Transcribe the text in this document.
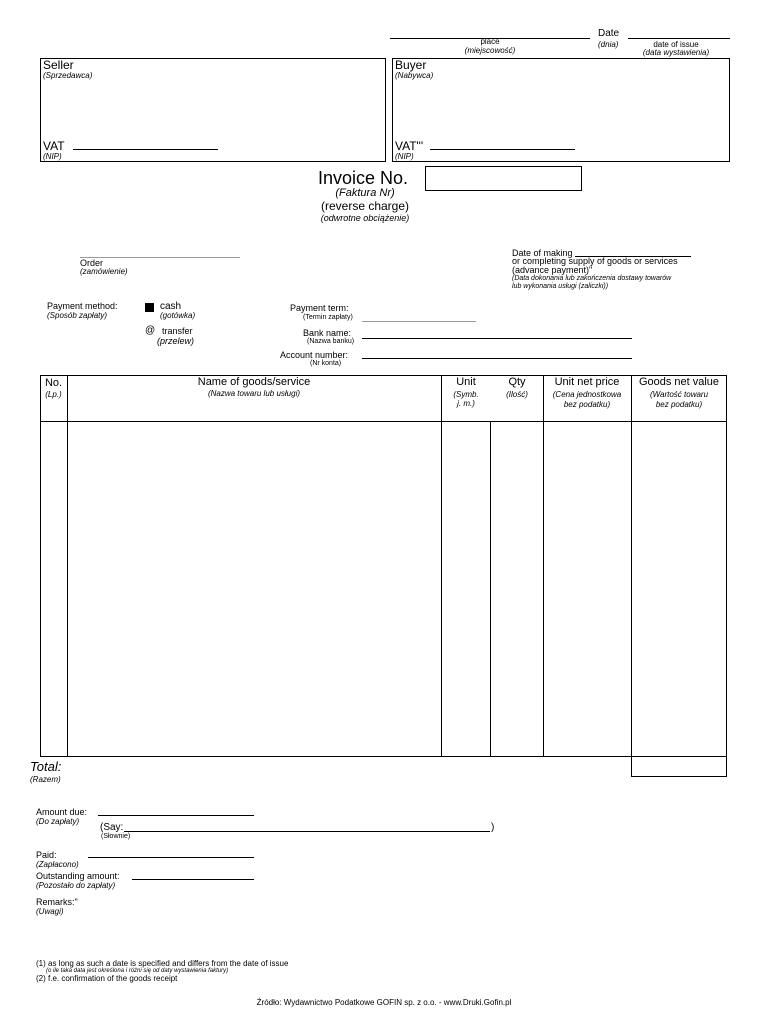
place
(miejscowość)
Date
(dnia)	date of issue
(data wystawienia)
Seller
(Sprzedawca)
VAT
(NIP)
Buyer
(Nabywca)
VAT"'
(NIP)
Invoice No.
(Faktura Nr)
(reverse charge)
(odwrotne obciążenie)
Order
(zamówienie)
Date of making
or completing supply of goods or services
(advance payment)"
(Data dokonania lub zakończenia dostawy towarów
lub wykonania usługi (zaliczki))
Payment method:
(Sposób zapłaty)
cash
(gotówka)
@ transfer
(przelew)
Payment term:
(Termin zapłaty)
Bank name:
(Nazwa banku)
Account number:
(Nr konta)
No.
(Lp.)
Name of goods/service
(Nazwa towaru lub usługi)
Unit
(Symb.
j. m.)
Qty
(Ilość)
Unit net price
(Cena jednostkowa
bez podatku)
Goods net value
(Wartość towaru
bez podatku)
Total:
(Razem)
Amount due:
(Do zapłaty)
(Say:	)
(Słownie)
Paid:
(Zapłacono)
Outstanding amount:
(Pozostało do zapłaty)
Remarks:"
(Uwagi)
(1) as long as such a date is specified and differs from the date of issue
(o ile taka data jest określona i różni się od daty wystawienia faktury)
(2) f.e. confirmation of the goods receipt
Źródło: Wydawnictwo Podatkowe GOFIN sp. z o.o. - www.Druki.Gofin.pl
